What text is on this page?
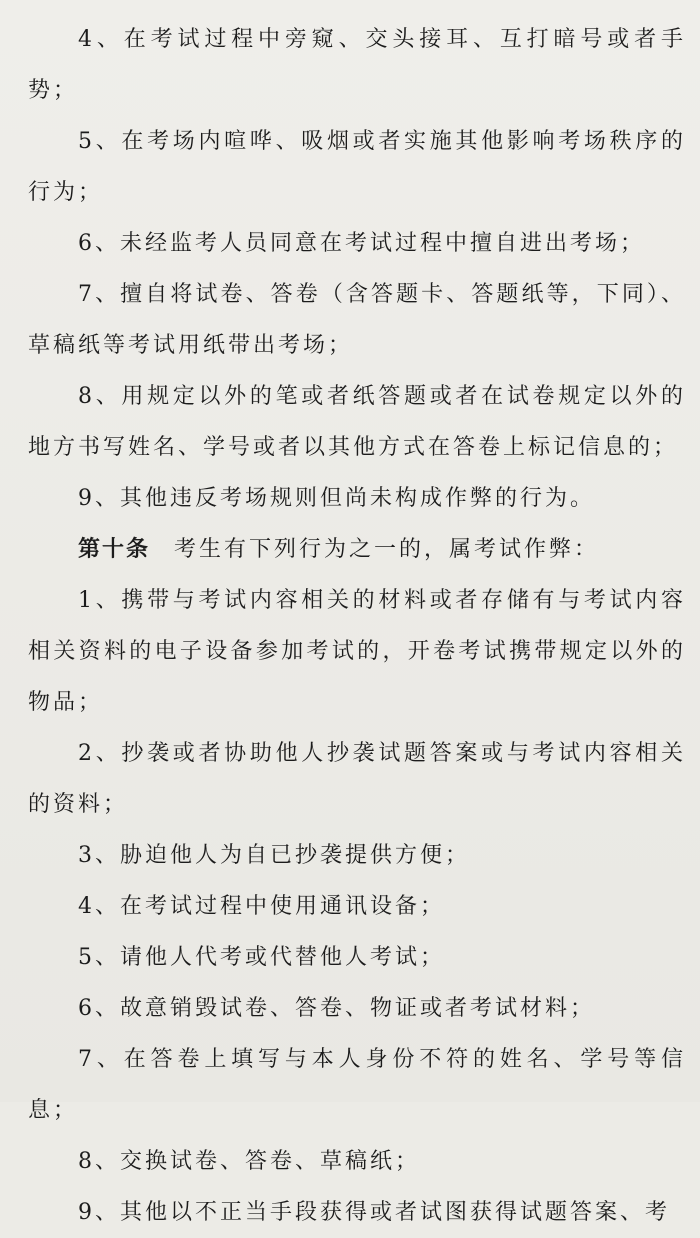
4、在考试过程中旁窥、交头接耳、互打暗号或者手势；

5、在考场内喧哗、吸烟或者实施其他影响考场秩序的行为；

6、未经监考人员同意在考试过程中擅自进出考场；

7、擅自将试卷、答卷（含答题卡、答题纸等，下同）、草稿纸等考试用纸带出考场；

8、用规定以外的笔或者纸答题或者在试卷规定以外的地方书写姓名、学号或者以其他方式在答卷上标记信息的；

9、其他违反考场规则但尚未构成作弊的行为。

第十条 考生有下列行为之一的，属考试作弊：

1、携带与考试内容相关的材料或者存储有与考试内容相关资料的电子设备参加考试的，开卷考试携带规定以外的物品；

2、抄袭或者协助他人抄袭试题答案或与考试内容相关的资料；

3、胁迫他人为自已抄袭提供方便；

4、在考试过程中使用通讯设备；

5、请他人代考或代替他人考试；

6、故意销毁试卷、答卷、物证或者考试材料；

7、在答卷上填写与本人身份不符的姓名、学号等信息；

8、交换试卷、答卷、草稿纸；

9、其他以不正当手段获得或者试图获得试题答案、考
